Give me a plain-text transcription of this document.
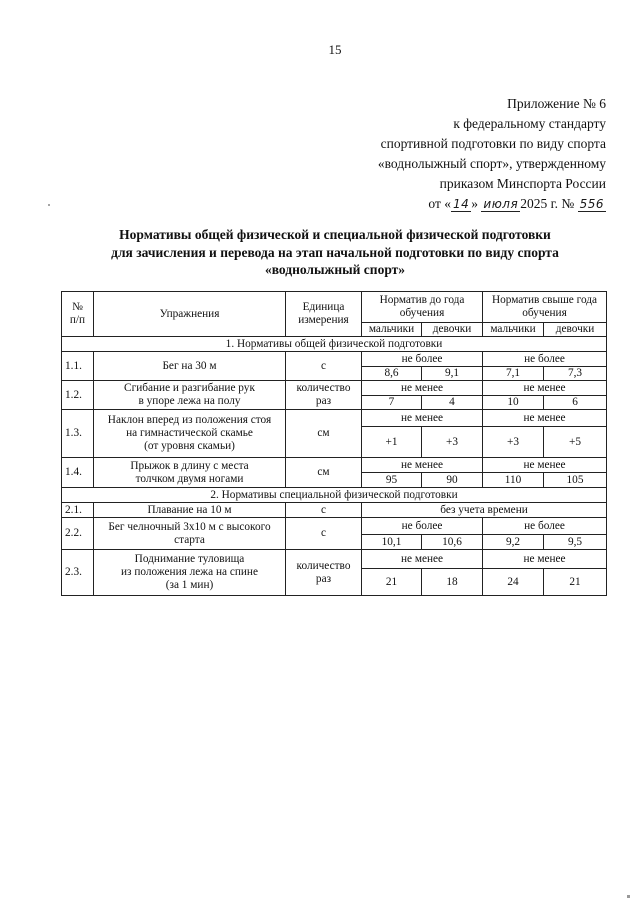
15
Приложение № 6
к федеральному стандарту
спортивной подготовки по виду спорта
«воднолыжный спорт», утвержденному
приказом Минспорта России
от « 14 » июля 2025 г. № 556
Нормативы общей физической и специальной физической подготовки
для зачисления и перевода на этап начальной подготовки по виду спорта
«воднолыжный спорт»
№
п/п	Упражнения	Единица измерения	Норматив до года обучения		Норматив свыше года обучения	
			мальчики	девочки	мальчики	девочки
1. Нормативы общей физической подготовки						
1.1.	Бег на 30 м	с	не более		не более	
			8,6	9,1	7,1	7,3
1.2.	Сгибание и разгибание рук
в упоре лежа на полу	количество
раз	не менее		не менее	
			7	4	10	6
1.3.	Наклон вперед из положения стоя
на гимнастической скамье
(от уровня скамьи)	см	не менее		не менее	
			+1	+3	+3	+5
1.4.	Прыжок в длину с места
толчком двумя ногами	см	не менее		не менее	
			95	90	110	105
2. Нормативы специальной физической подготовки						
2.1.	Плавание на 10 м	с	без учета времени			
2.2.	Бег челночный 3х10 м с высокого
старта	с	не более		не более	
			10,1	10,6	9,2	9,5
2.3.	Поднимание туловища
из положения лежа на спине
(за 1 мин)	количество
раз	не менее		не менее	
			21	18	24	21
